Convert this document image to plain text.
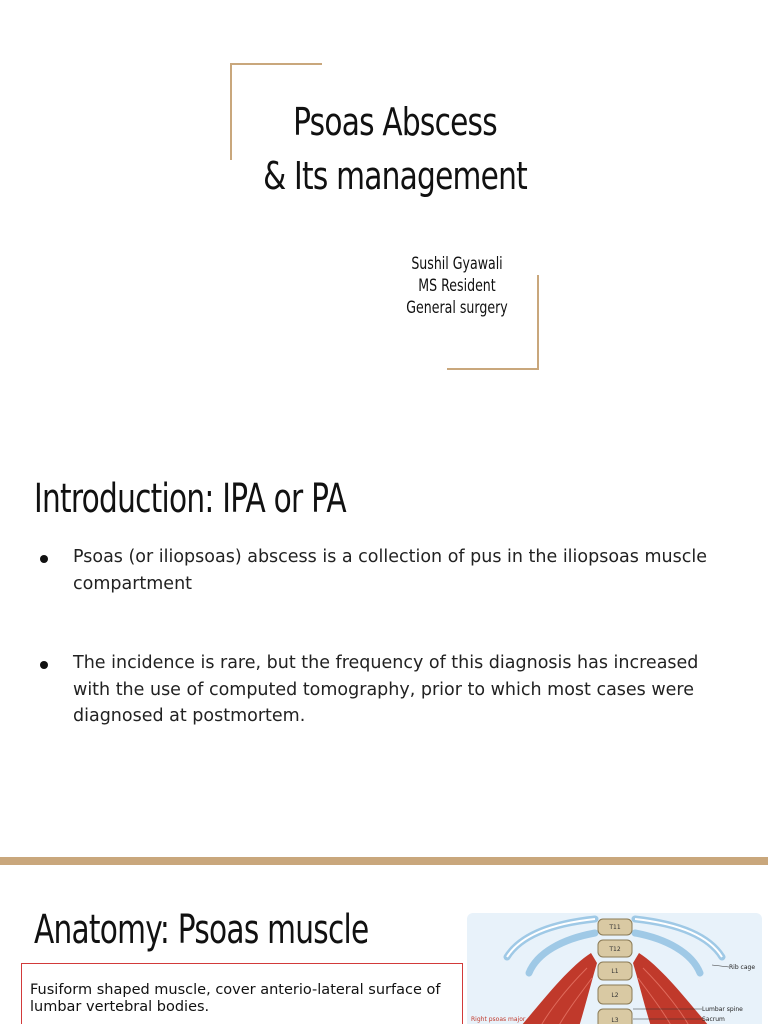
Psoas Abscess
& Its management
Sushil Gyawali
MS Resident
General surgery
Introduction: IPA or PA
Psoas (or iliopsoas) abscess is a collection of pus in the iliopsoas muscle compartment
The incidence is rare, but the frequency of this diagnosis has increased with the use of computed tomography, prior to which most cases were diagnosed at postmortem.
Anatomy: Psoas muscle
Fusiform shaped muscle, cover anterio-lateral surface of lumbar vertebral bodies.
T11
T12
L1
L2
L3
Rib cage
Lumbar spine
Sacrum
Right psoas major
